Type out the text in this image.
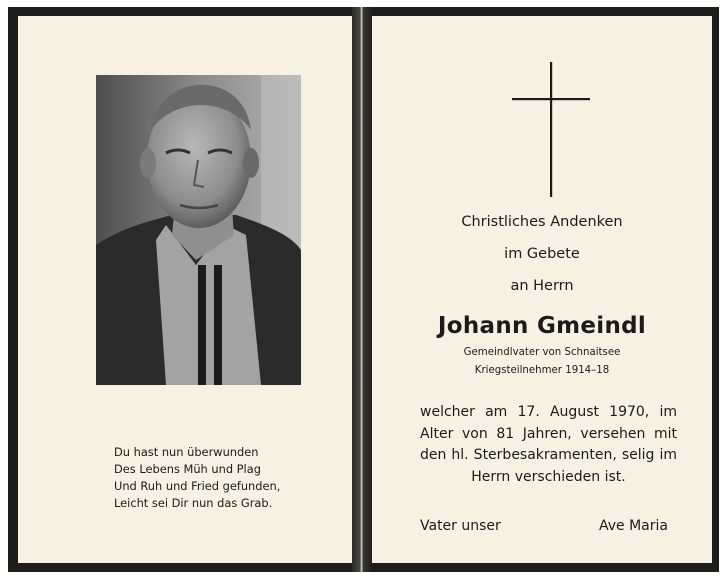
Du hast nun überwunden
Des Lebens Müh und Plag
Und Ruh und Fried gefunden,
Leicht sei Dir nun das Grab.
Christliches Andenken
im Gebete
an Herrn
Johann Gmeindl
Gemeindlvater von Schnaitsee
Kriegsteilnehmer 1914–18
welcher am 17. August 1970, im Alter von 81 Jahren, versehen mit den hl. Sterbesakramenten, selig im Herrn verschieden ist.
Vater unser	Ave Maria
